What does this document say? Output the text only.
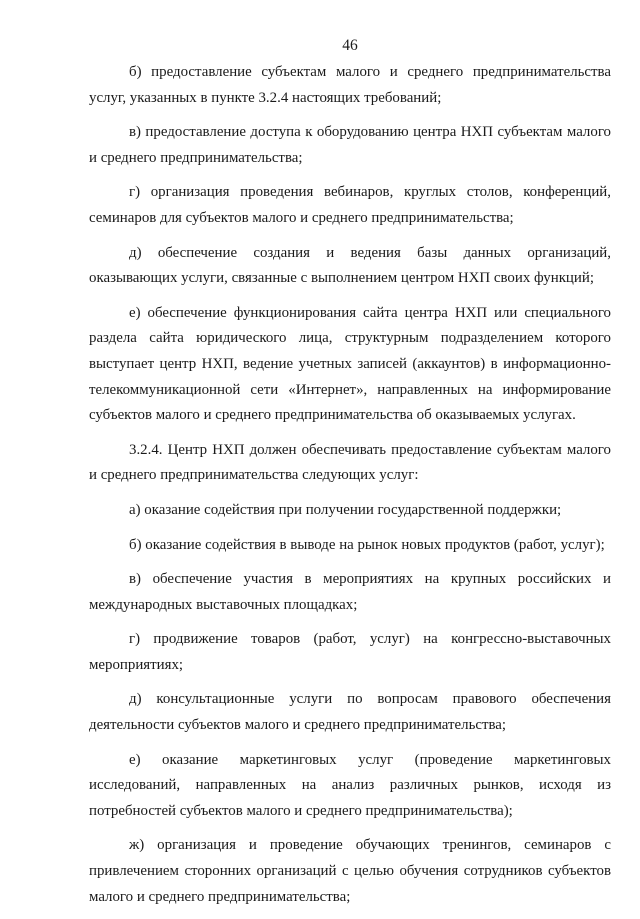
46

б) предоставление субъектам малого и среднего предпринимательства услуг, указанных в пункте 3.2.4 настоящих требований;

в) предоставление доступа к оборудованию центра НХП субъектам малого и среднего предпринимательства;

г) организация проведения вебинаров, круглых столов, конференций, семинаров для субъектов малого и среднего предпринимательства;

д) обеспечение создания и ведения базы данных организаций, оказывающих услуги, связанные с выполнением центром НХП своих функций;

е) обеспечение функционирования сайта центра НХП или специального раздела сайта юридического лица, структурным подразделением которого выступает центр НХП, ведение учетных записей (аккаунтов) в информационно-телекоммуникационной сети «Интернет», направленных на информирование субъектов малого и среднего предпринимательства об оказываемых услугах.

3.2.4. Центр НХП должен обеспечивать предоставление субъектам малого и среднего предпринимательства следующих услуг:

а) оказание содействия при получении государственной поддержки;

б) оказание содействия в выводе на рынок новых продуктов (работ, услуг);

в) обеспечение участия в мероприятиях на крупных российских и международных выставочных площадках;

г) продвижение товаров (работ, услуг) на конгрессно-выставочных мероприятиях;

д) консультационные услуги по вопросам правового обеспечения деятельности субъектов малого и среднего предпринимательства;

е) оказание маркетинговых услуг (проведение маркетинговых исследований, направленных на анализ различных рынков, исходя из потребностей субъектов малого и среднего предпринимательства);

ж) организация и проведение обучающих тренингов, семинаров с привлечением сторонних организаций с целью обучения сотрудников субъектов малого и среднего предпринимательства;
